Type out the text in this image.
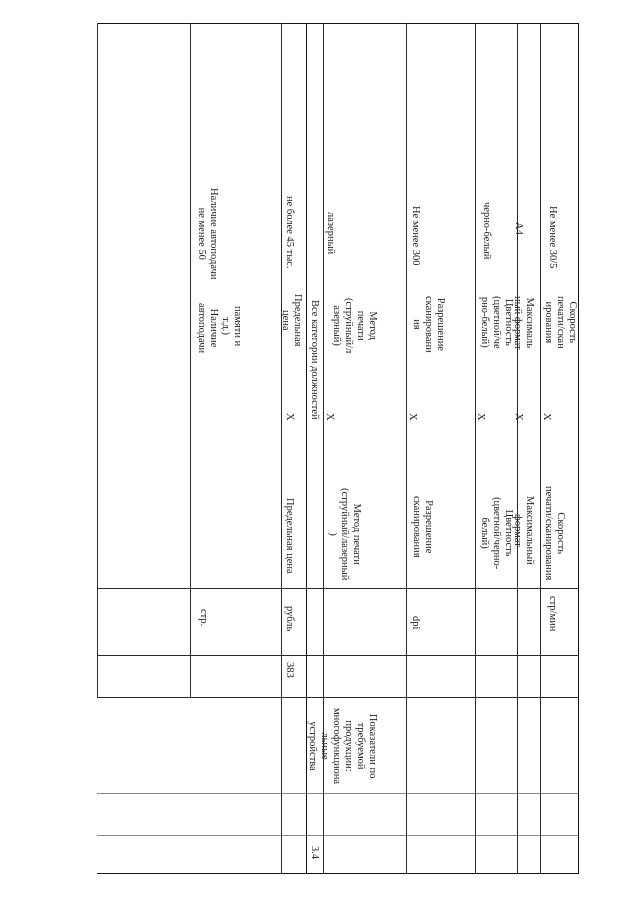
памяти и
т.д.)
стр.
Наличие
автоподачи
Наличие автоподачи
не менее 50
383
рубль
Предельная цена
Х
Предельная
цена
не более 45 тыс.
Все категории должностей
3.4
Показатели по
требуемой
продукции:
многофункциона
льные
устройства
Метод печати
(струйный/лазерный
)
Х
Метод
печати
(струйный/л
азерный)
лазерный
dpi
Разрешение
сканирования
Х
Разрешение
сканировани
ия
Не менее 300
Цветность
(цветной/черно-
белый)
Х
Цветность
(цветной/че
рно-белый)
черно-белый
Максимальный
формат
Х
Максималь
ный формат
А4
стр/мин
Скорость
печати/сканирования
Х
Скорость
печати/скан
ирования
Не менее 30/5
